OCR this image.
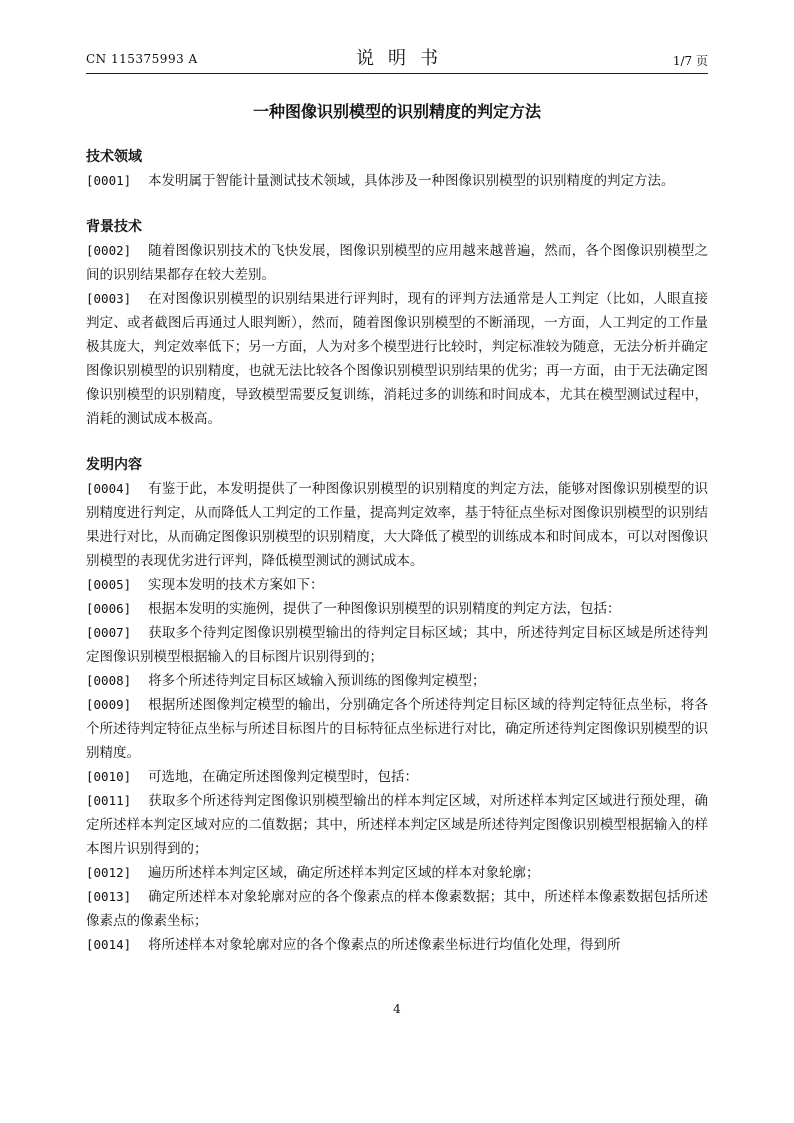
CN 115375993 A	说明书	1/7 页
一种图像识别模型的识别精度的判定方法
技术领域

[0001] 本发明属于智能计量测试技术领域，具体涉及一种图像识别模型的识别精度的判定方法。

背景技术

[0002] 随着图像识别技术的飞快发展，图像识别模型的应用越来越普遍，然而，各个图像识别模型之间的识别结果都存在较大差别。

[0003] 在对图像识别模型的识别结果进行评判时，现有的评判方法通常是人工判定（比如，人眼直接判定、或者截图后再通过人眼判断），然而，随着图像识别模型的不断涌现，一方面，人工判定的工作量极其庞大，判定效率低下；另一方面，人为对多个模型进行比较时，判定标准较为随意，无法分析并确定图像识别模型的识别精度，也就无法比较各个图像识别模型识别结果的优劣；再一方面，由于无法确定图像识别模型的识别精度，导致模型需要反复训练，消耗过多的训练和时间成本，尤其在模型测试过程中，消耗的测试成本极高。

发明内容

[0004] 有鉴于此，本发明提供了一种图像识别模型的识别精度的判定方法，能够对图像识别模型的识别精度进行判定，从而降低人工判定的工作量，提高判定效率，基于特征点坐标对图像识别模型的识别结果进行对比，从而确定图像识别模型的识别精度，大大降低了模型的训练成本和时间成本，可以对图像识别模型的表现优劣进行评判，降低模型测试的测试成本。

[0005] 实现本发明的技术方案如下：

[0006] 根据本发明的实施例，提供了一种图像识别模型的识别精度的判定方法，包括：

[0007] 获取多个待判定图像识别模型输出的待判定目标区域；其中，所述待判定目标区域是所述待判定图像识别模型根据输入的目标图片识别得到的；

[0008] 将多个所述待判定目标区域输入预训练的图像判定模型；

[0009] 根据所述图像判定模型的输出，分别确定各个所述待判定目标区域的待判定特征点坐标，将各个所述待判定特征点坐标与所述目标图片的目标特征点坐标进行对比，确定所述待判定图像识别模型的识别精度。

[0010] 可选地，在确定所述图像判定模型时，包括：

[0011] 获取多个所述待判定图像识别模型输出的样本判定区域，对所述样本判定区域进行预处理，确定所述样本判定区域对应的二值数据；其中，所述样本判定区域是所述待判定图像识别模型根据输入的样本图片识别得到的；

[0012] 遍历所述样本判定区域，确定所述样本判定区域的样本对象轮廓；

[0013] 确定所述样本对象轮廓对应的各个像素点的样本像素数据；其中，所述样本像素数据包括所述像素点的像素坐标；

[0014] 将所述样本对象轮廓对应的各个像素点的所述像素坐标进行均值化处理，得到所

4
